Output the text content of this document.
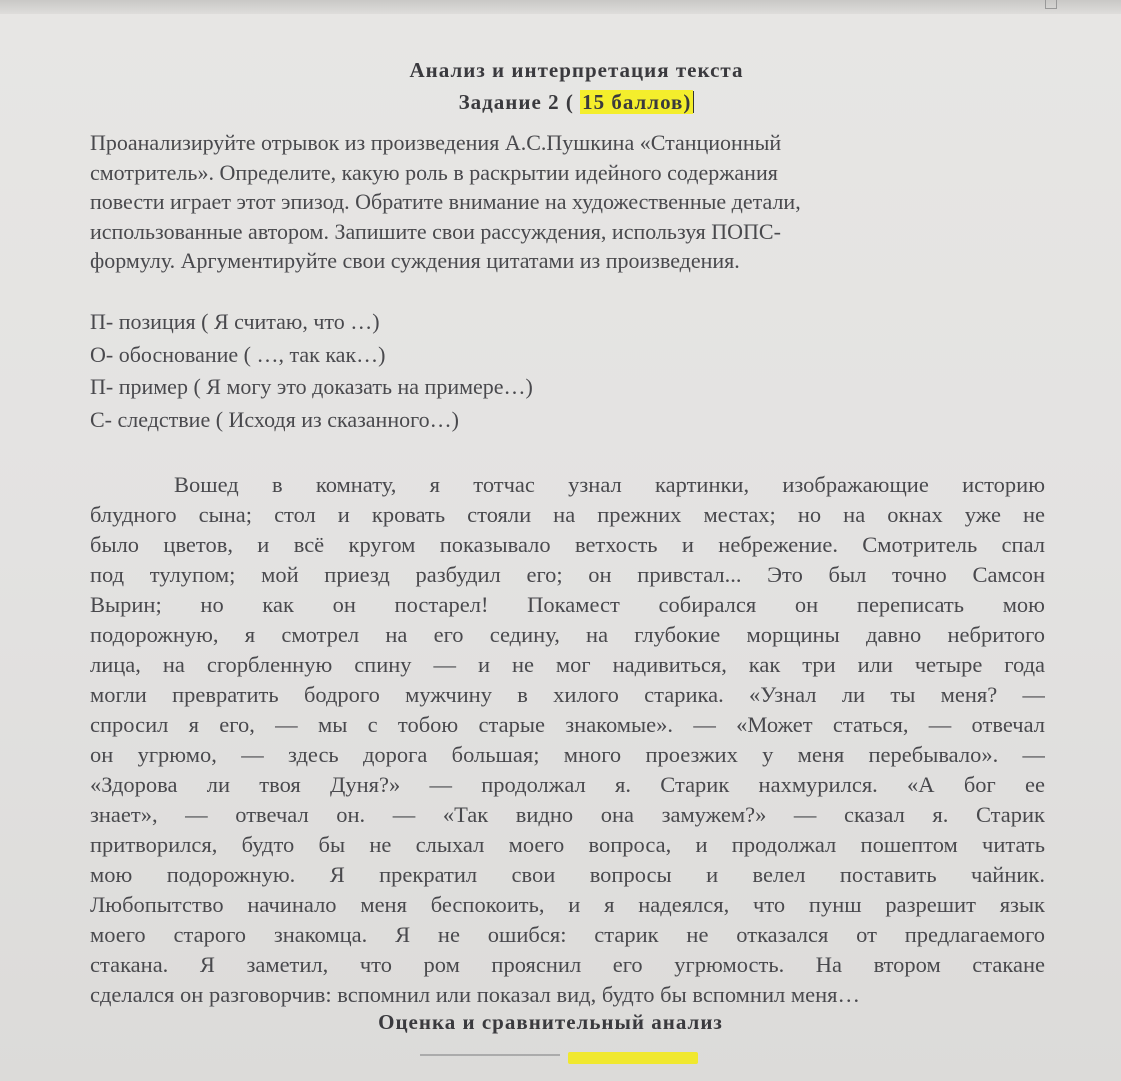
Анализ и интерпретация текста
Задание 2 ( 15 баллов)
Проанализируйте отрывок из произведения А.С.Пушкина «Станционный
смотритель». Определите, какую роль в раскрытии идейного содержания
повести играет этот эпизод. Обратите внимание на художественные детали,
использованные автором. Запишите свои рассуждения, используя ПОПС-
формулу. Аргументируйте свои суждения цитатами из произведения.
П- позиция ( Я считаю, что …)
О- обоснование ( …, так как…)
П- пример ( Я могу это доказать на примере…)
С- следствие ( Исходя из сказанного…)
Вошед в комнату, я тотчас узнал картинки, изображающие историю
блудного сына; стол и кровать стояли на прежних местах; но на окнах уже не
было цветов, и всё кругом показывало ветхость и небрежение. Смотритель спал
под тулупом; мой приезд разбудил его; он привстал... Это был точно Самсон
Вырин; но как он постарел! Покамест собирался он переписать мою
подорожную, я смотрел на его седину, на глубокие морщины давно небритого
лица, на сгорбленную спину — и не мог надивиться, как три или четыре года
могли превратить бодрого мужчину в хилого старика. «Узнал ли ты меня? —
спросил я его, — мы с тобою старые знакомые». — «Может статься, — отвечал
он угрюмо, — здесь дорога большая; много проезжих у меня перебывало». —
«Здорова ли твоя Дуня?» — продолжал я. Старик нахмурился. «А бог ее
знает», — отвечал он. — «Так видно она замужем?» — сказал я. Старик
притворился, будто бы не слыхал моего вопроса, и продолжал пошептом читать
мою подорожную. Я прекратил свои вопросы и велел поставить чайник.
Любопытство начинало меня беспокоить, и я надеялся, что пунш разрешит язык
моего старого знакомца. Я не ошибся: старик не отказался от предлагаемого
стакана. Я заметил, что ром прояснил его угрюмость. На втором стакане
сделался он разговорчив: вспомнил или показал вид, будто бы вспомнил меня…
Оценка и сравнительный анализ
